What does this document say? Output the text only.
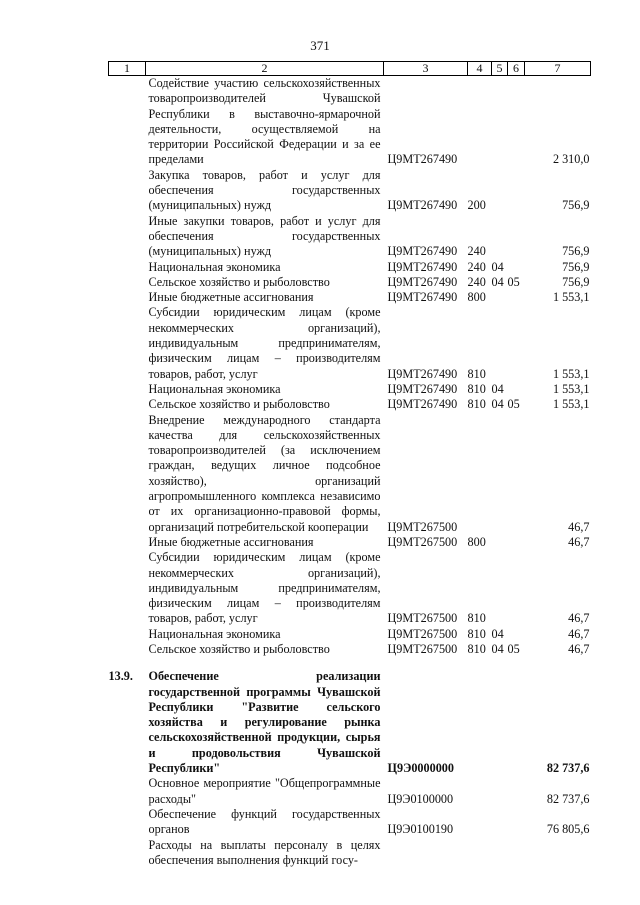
371
1	2	3	4	5	6	7
	Содействие участию сельскохозяйственных товаропроизводителей Чувашской Республики в выставочно-ярмарочной деятельности, осуществляемой на территории Российской Федерации и за ее пределами	Ц9МТ267490				2 310,0
	Закупка товаров, работ и услуг для обеспечения государственных (муниципальных) нужд	Ц9МТ267490	200			756,9
	Иные закупки товаров, работ и услуг для обеспечения государственных (муниципальных) нужд	Ц9МТ267490	240			756,9
	Национальная экономика	Ц9МТ267490	240	04		756,9
	Сельское хозяйство и рыболовство	Ц9МТ267490	240	04	05	756,9
	Иные бюджетные ассигнования	Ц9МТ267490	800			1 553,1
	Субсидии юридическим лицам (кроме некоммерческих организаций), индивидуальным предпринимателям, физическим лицам – производителям товаров, работ, услуг	Ц9МТ267490	810			1 553,1
	Национальная экономика	Ц9МТ267490	810	04		1 553,1
	Сельское хозяйство и рыболовство	Ц9МТ267490	810	04	05	1 553,1
	Внедрение международного стандарта качества для сельскохозяйственных товаропроизводителей (за исключением граждан, ведущих личное подсобное хозяйство), организаций агропромышленного комплекса независимо от их организационно-правовой формы, организаций потребительской кооперации	Ц9МТ267500				46,7
	Иные бюджетные ассигнования	Ц9МТ267500	800			46,7
	Субсидии юридическим лицам (кроме некоммерческих организаций), индивидуальным предпринимателям, физическим лицам – производителям товаров, работ, услуг	Ц9МТ267500	810			46,7
	Национальная экономика	Ц9МТ267500	810	04		46,7
	Сельское хозяйство и рыболовство	Ц9МТ267500	810	04	05	46,7

13.9.	Обеспечение реализации государственной программы Чувашской Республики "Развитие сельского хозяйства и регулирование рынка сельскохозяйственной продукции, сырья и продовольствия Чувашской Республики"	Ц9Э0000000				82 737,6
	Основное мероприятие "Общепрограммные расходы"	Ц9Э0100000				82 737,6
	Обеспечение функций государственных органов	Ц9Э0100190				76 805,6
	Расходы на выплаты персоналу в целях обеспечения выполнения функций госу-					
